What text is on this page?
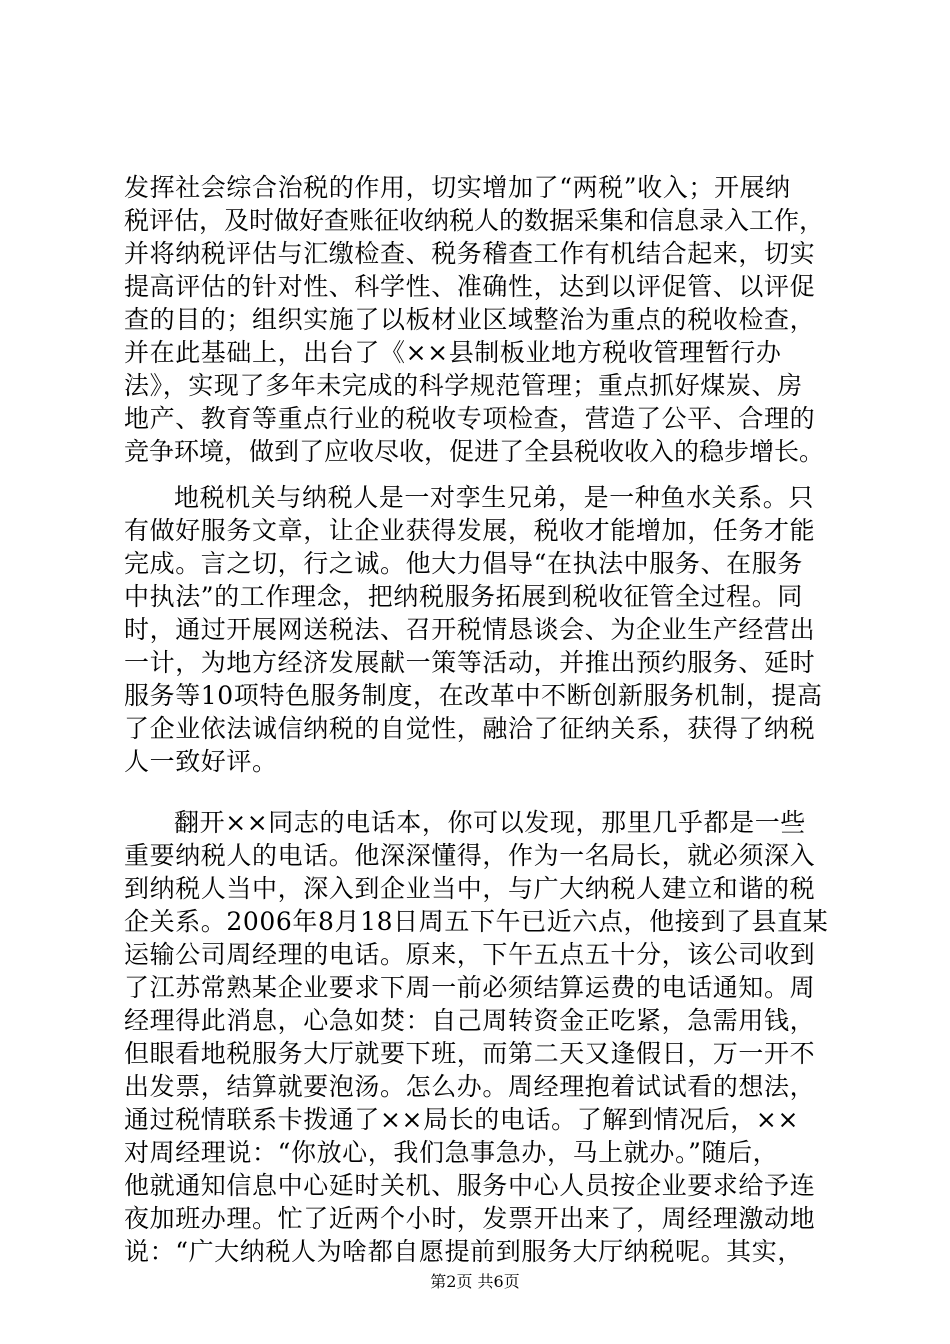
发挥社会综合治税的作用，切实增加了“两税”收入；开展纳
税评估，及时做好查账征收纳税人的数据采集和信息录入工作，
并将纳税评估与汇缴检查、税务稽查工作有机结合起来，切实
提高评估的针对性、科学性、准确性，达到以评促管、以评促
查的目的；组织实施了以板材业区域整治为重点的税收检查，
并在此基础上，出台了《××县制板业地方税收管理暂行办
法》，实现了多年未完成的科学规范管理；重点抓好煤炭、房
地产、教育等重点行业的税收专项检查，营造了公平、合理的
竞争环境，做到了应收尽收，促进了全县税收收入的稳步增长。
地税机关与纳税人是一对孪生兄弟，是一种鱼水关系。只
有做好服务文章，让企业获得发展，税收才能增加，任务才能
完成。言之切，行之诚。他大力倡导“在执法中服务、在服务
中执法”的工作理念，把纳税服务拓展到税收征管全过程。同
时，通过开展网送税法、召开税情恳谈会、为企业生产经营出
一计，为地方经济发展献一策等活动，并推出预约服务、延时
服务等10项特色服务制度，在改革中不断创新服务机制，提高
了企业依法诚信纳税的自觉性，融洽了征纳关系，获得了纳税
人一致好评。
翻开××同志的电话本，你可以发现，那里几乎都是一些
重要纳税人的电话。他深深懂得，作为一名局长，就必须深入
到纳税人当中，深入到企业当中，与广大纳税人建立和谐的税
企关系。2006年8月18日周五下午已近六点，他接到了县直某
运输公司周经理的电话。原来，下午五点五十分，该公司收到
了江苏常熟某企业要求下周一前必须结算运费的电话通知。周
经理得此消息，心急如焚：自己周转资金正吃紧，急需用钱，
但眼看地税服务大厅就要下班，而第二天又逢假日，万一开不
出发票，结算就要泡汤。怎么办。周经理抱着试试看的想法，
通过税情联系卡拨通了××局长的电话。了解到情况后，××
对周经理说：“你放心，我们急事急办，马上就办。”随后，
他就通知信息中心延时关机、服务中心人员按企业要求给予连
夜加班办理。忙了近两个小时，发票开出来了，周经理激动地
说：“广大纳税人为啥都自愿提前到服务大厅纳税呢。其实，
第2页 共6页
